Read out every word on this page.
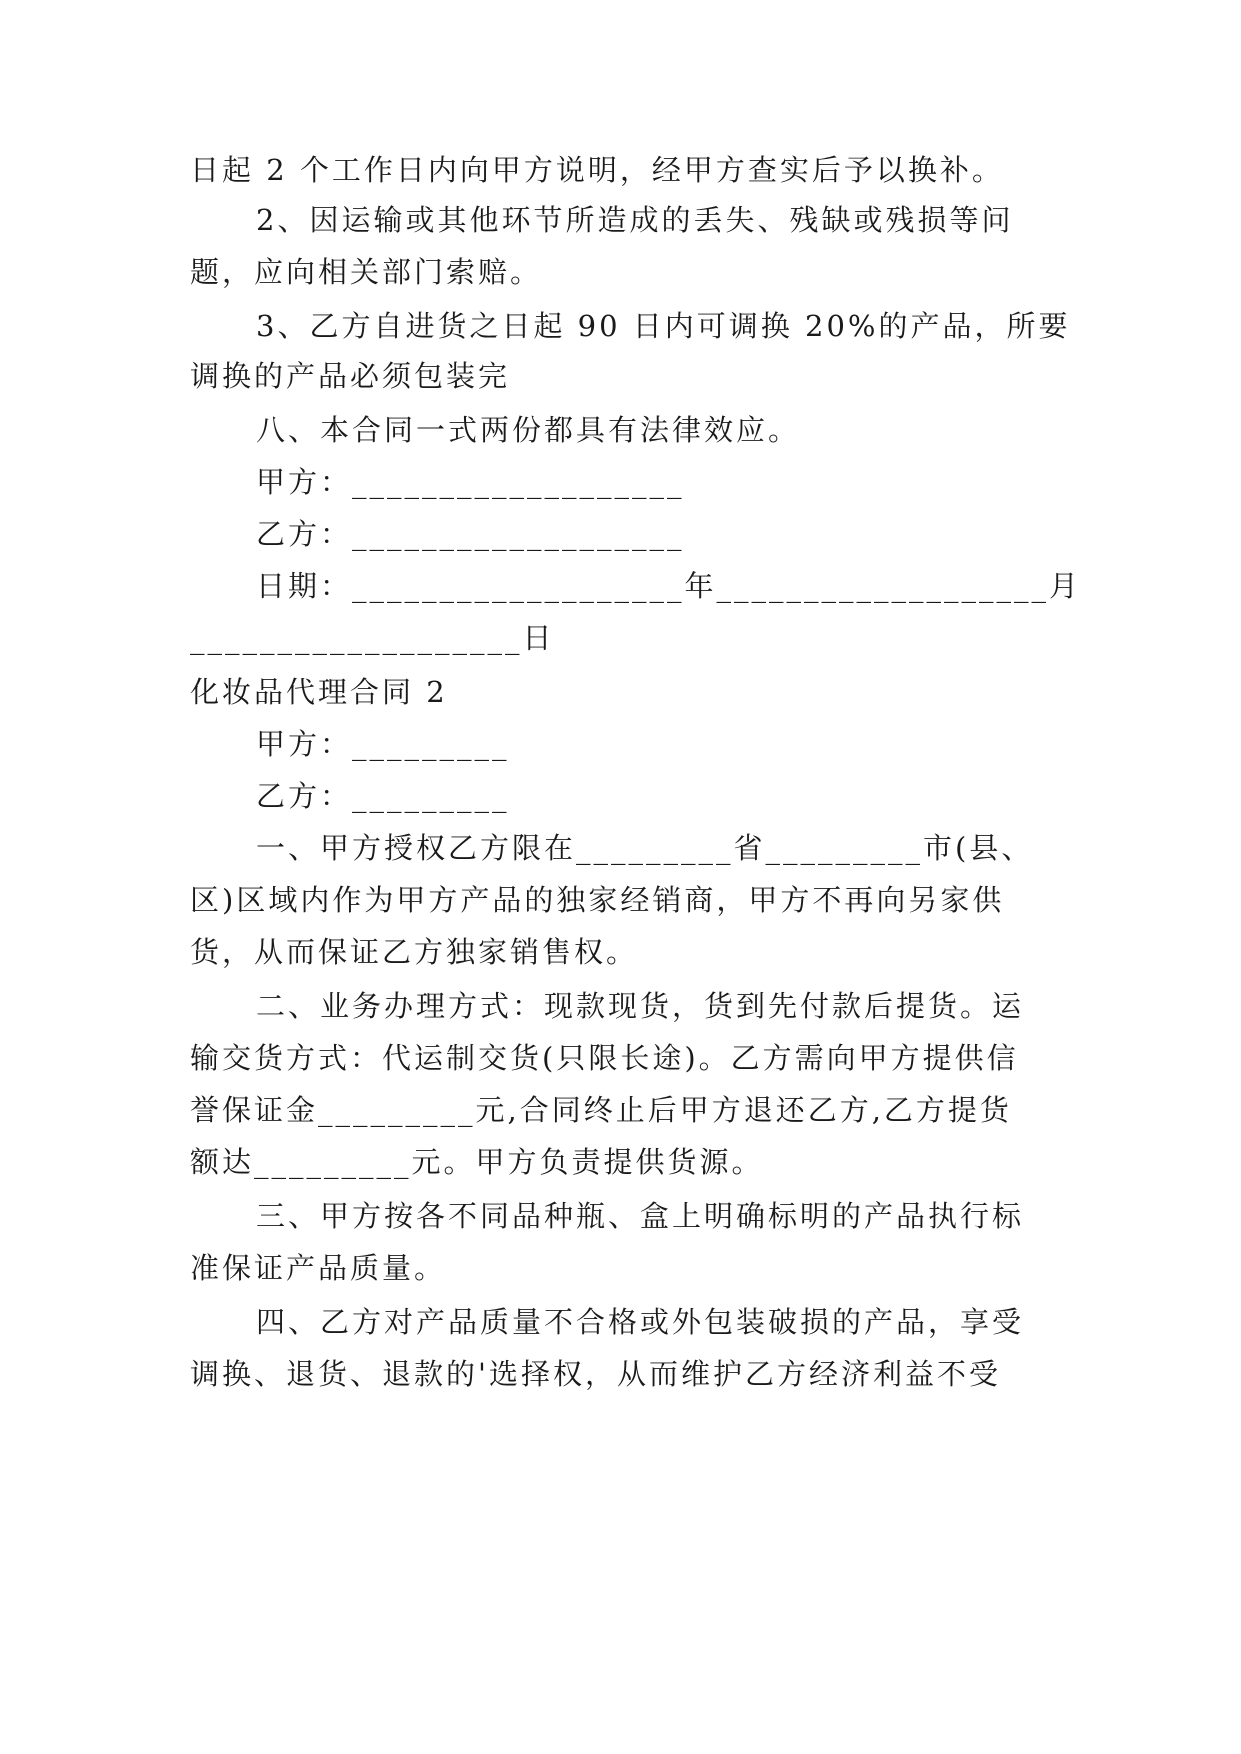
日起 2 个工作日内向甲方说明，经甲方查实后予以换补。
2、因运输或其他环节所造成的丢失、残缺或残损等问
题，应向相关部门索赔。
3、乙方自进货之日起 90 日内可调换 20%的产品，所要
调换的产品必须包装完
八、本合同一式两份都具有法律效应。
甲方：___________________
乙方：___________________
日期：___________________年___________________月
___________________日
化妆品代理合同 2
甲方：_________
乙方：_________
一、甲方授权乙方限在_________省_________市(县、
区)区域内作为甲方产品的独家经销商，甲方不再向另家供
货，从而保证乙方独家销售权。
二、业务办理方式：现款现货，货到先付款后提货。运
输交货方式：代运制交货(只限长途)。乙方需向甲方提供信
誉保证金_________元,合同终止后甲方退还乙方,乙方提货
额达_________元。甲方负责提供货源。
三、甲方按各不同品种瓶、盒上明确标明的产品执行标
准保证产品质量。
四、乙方对产品质量不合格或外包装破损的产品，享受
调换、退货、退款的'选择权，从而维护乙方经济利益不受
